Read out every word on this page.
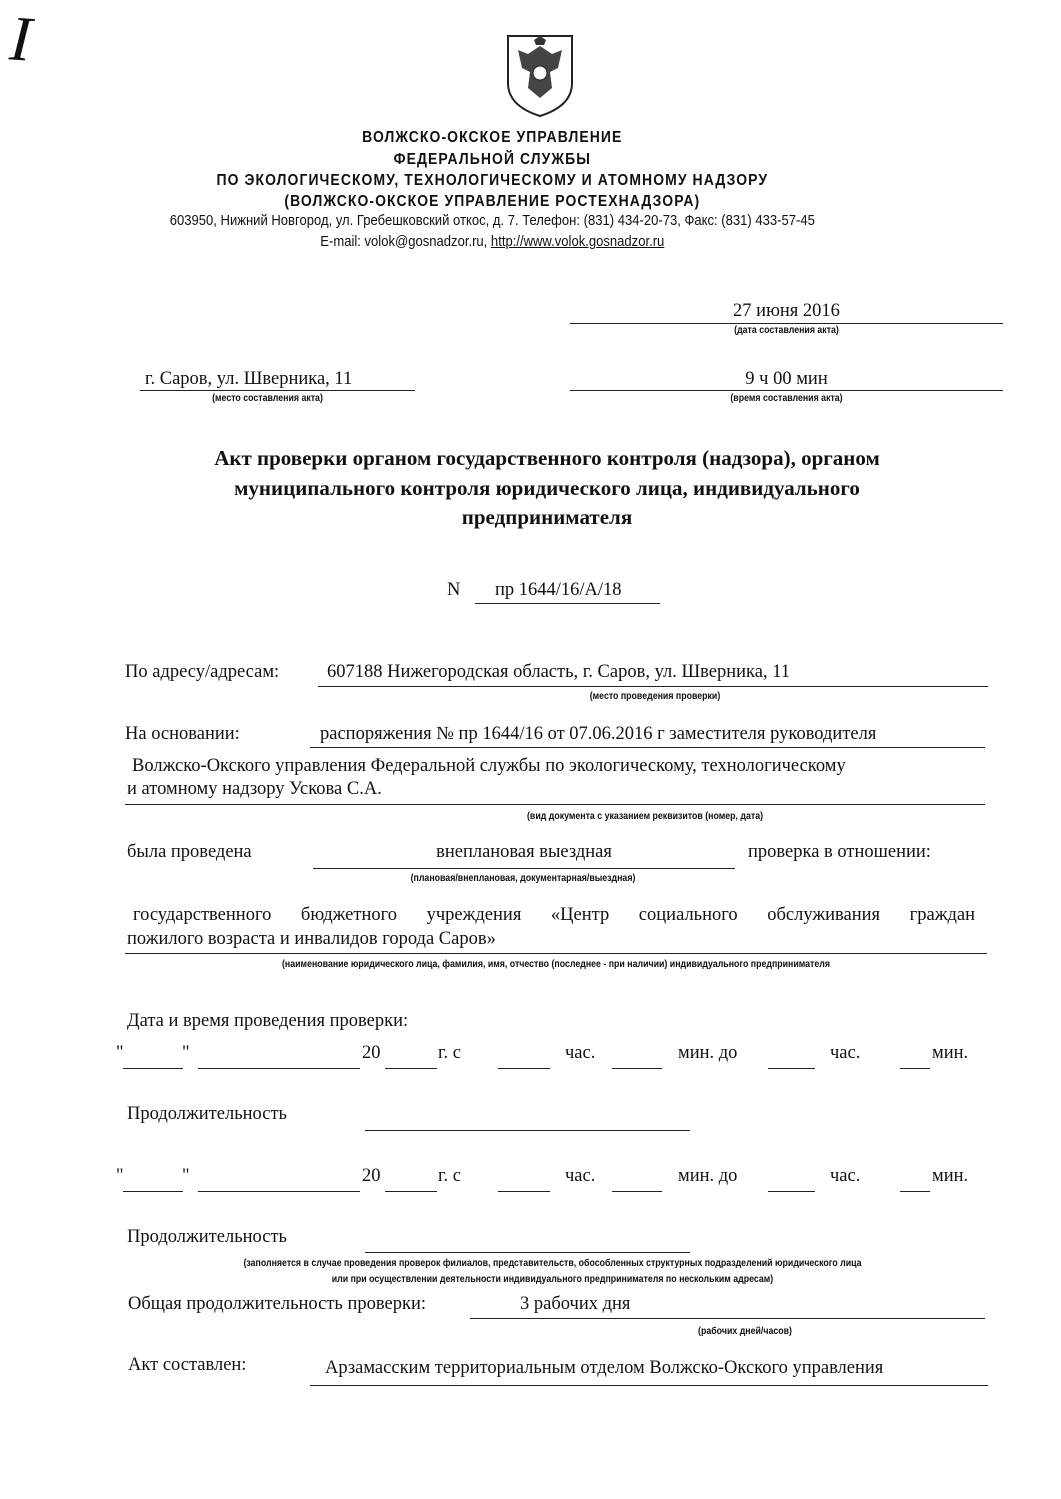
I
ВОЛЖСКО-ОКСКОЕ УПРАВЛЕНИЕ
ФЕДЕРАЛЬНОЙ СЛУЖБЫ
ПО ЭКОЛОГИЧЕСКОМУ, ТЕХНОЛОГИЧЕСКОМУ И АТОМНОМУ НАДЗОРУ
(ВОЛЖСКО-ОКСКОЕ УПРАВЛЕНИЕ РОСТЕХНАДЗОРА)
603950, Нижний Новгород, ул. Гребешковский откос, д. 7. Телефон: (831) 434-20-73, Факс: (831) 433-57-45
E-mail: volok@gosnadzor.ru, http://www.volok.gosnadzor.ru
27 июня 2016
(дата составления акта)
г. Саров, ул. Шверника, 11
(место составления акта)
9 ч 00 мин
(время составления акта)
Акт проверки органом государственного контроля (надзора), органом
муниципального контроля юридического лица, индивидуального
предпринимателя
N пр 1644/16/А/18
По адресу/адресам:	607188 Нижегородская область, г. Саров, ул. Шверника, 11
(место проведения проверки)
На основании:	распоряжения № пр 1644/16 от 07.06.2016 г заместителя руководителя
Волжско-Окского управления Федеральной службы по экологическому, технологическому
и атомному надзору Ускова С.А.
(вид документа с указанием реквизитов (номер, дата)
была проведена	внеплановая выездная	проверка в отношении:
(плановая/внеплановая, документарная/выездная)
государственного бюджетного учреждения «Центр социального обслуживания граждан
пожилого возраста и инвалидов города Саров»
(наименование юридического лица, фамилия, имя, отчество (последнее - при наличии) индивидуального предпринимателя
Дата и время проведения проверки:
"	"	20	г. с	час.	мин. до	час.	мин.
Продолжительность
"	"	20	г. с	час.	мин. до	час.	мин.
Продолжительность
(заполняется в случае проведения проверок филиалов, представительств, обособленных структурных подразделений юридического лица
или при осуществлении деятельности индивидуального предпринимателя по нескольким адресам)
Общая продолжительность проверки:	3 рабочих дня
(рабочих дней/часов)
Акт составлен:	Арзамасским территориальным отделом Волжско-Окского управления
